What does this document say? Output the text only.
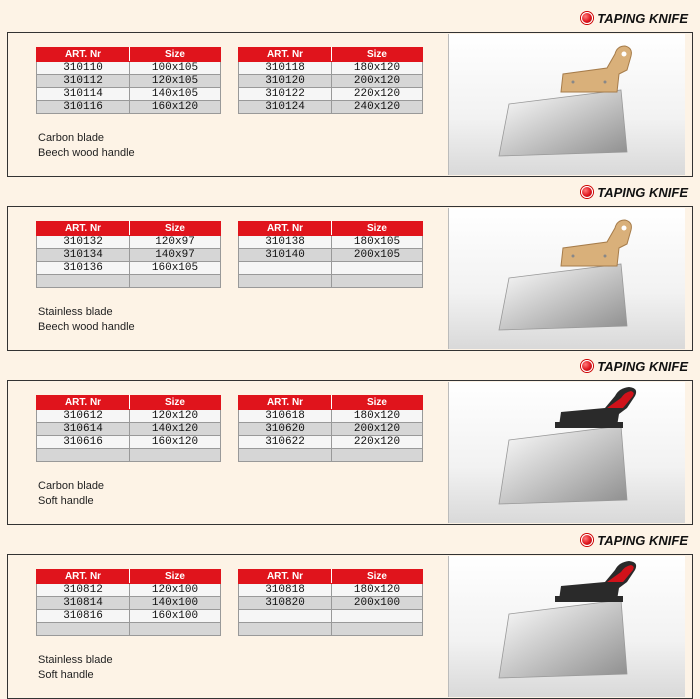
TAPING KNIFE
ART. Nr	Size
310110	100x105
310112	120x105
310114	140x105
310116	160x120
ART. Nr	Size
310118	180x120
310120	200x120
310122	220x120
310124	240x120
Carbon blade
Beech wood handle
TAPING KNIFE
ART. Nr	Size
310132	120x97
310134	140x97
310136	160x105

ART. Nr	Size
310138	180x105
310140	200x105

Stainless blade
Beech wood handle
TAPING KNIFE
ART. Nr	Size
310612	120x120
310614	140x120
310616	160x120

ART. Nr	Size
310618	180x120
310620	200x120
310622	220x120

Carbon blade
Soft handle
TAPING KNIFE
ART. Nr	Size
310812	120x100
310814	140x100
310816	160x100

ART. Nr	Size
310818	180x120
310820	200x100

Stainless blade
Soft handle
